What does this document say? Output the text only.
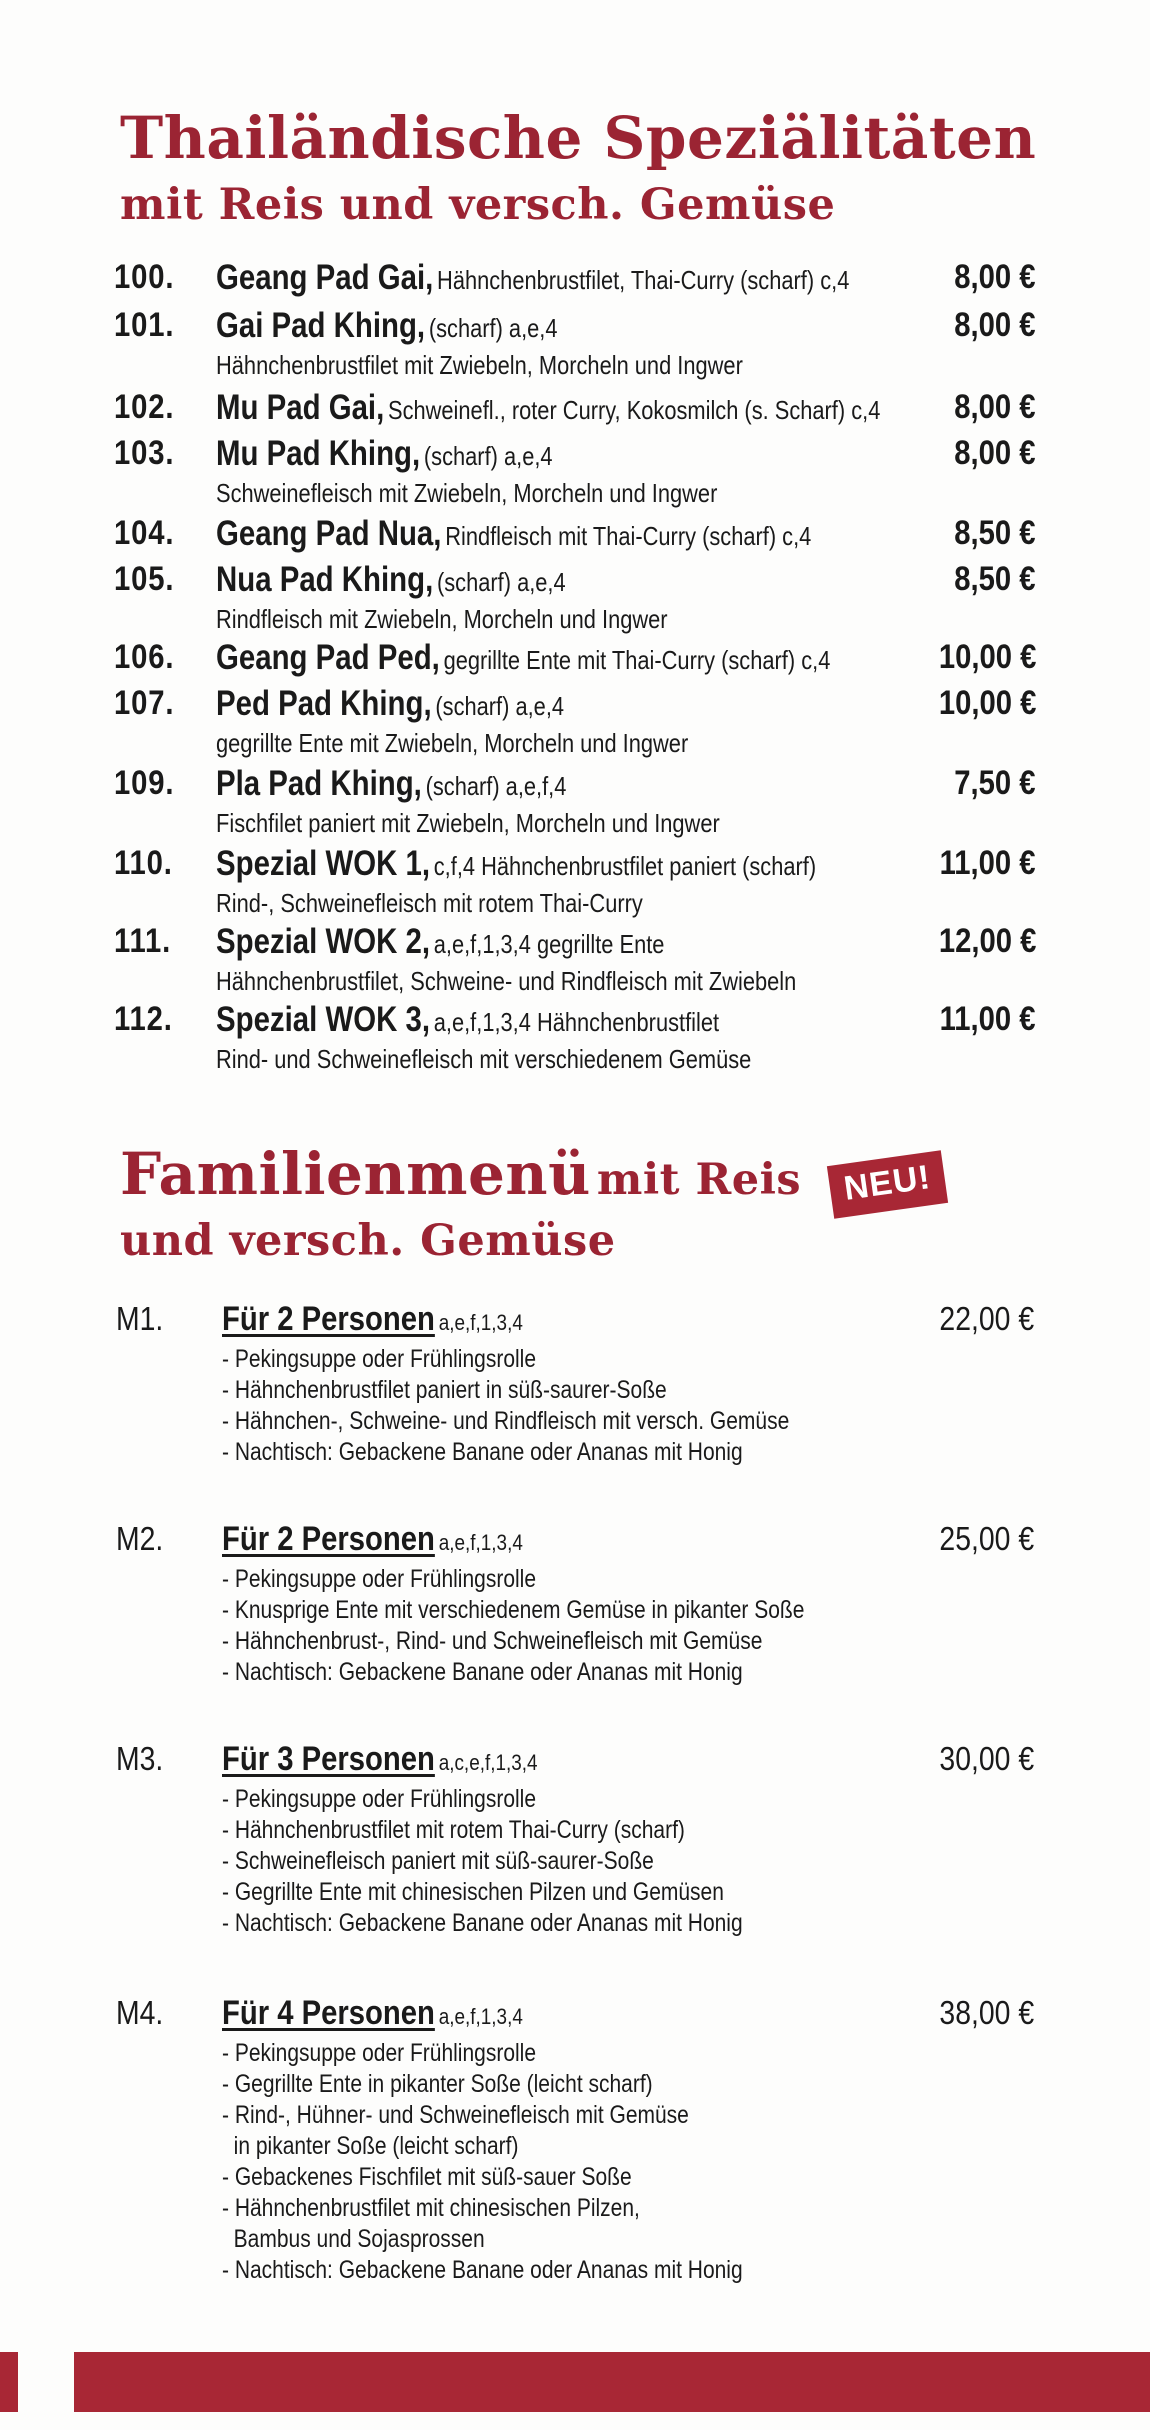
Thailändische Speziälitäten
mit Reis und versch. Gemüse
100. Geang Pad Gai, Hähnchenbrustfilet, Thai-Curry (scharf) c,4	8,00 €
101. Gai Pad Khing, (scharf) a,e,4	8,00 €
Hähnchenbrustfilet mit Zwiebeln, Morcheln und Ingwer
102. Mu Pad Gai, Schweinefl., roter Curry, Kokosmilch (s. Scharf) c,4 8,00 €
103. Mu Pad Khing, (scharf) a,e,4	8,00 €
Schweinefleisch mit Zwiebeln, Morcheln und Ingwer
104. Geang Pad Nua, Rindfleisch mit Thai-Curry (scharf) c,4	8,50 €
105. Nua Pad Khing, (scharf) a,e,4	8,50 €
Rindfleisch mit Zwiebeln, Morcheln und Ingwer
106. Geang Pad Ped, gegrillte Ente mit Thai-Curry (scharf) c,4	10,00 €
107. Ped Pad Khing, (scharf) a,e,4	10,00 €
gegrillte Ente mit Zwiebeln, Morcheln und Ingwer
109. Pla Pad Khing, (scharf) a,e,f,4	7,50 €
Fischfilet paniert mit Zwiebeln, Morcheln und Ingwer
110. Spezial WOK 1, c,f,4 Hähnchenbrustfilet paniert (scharf)	11,00 €
Rind-, Schweinefleisch mit rotem Thai-Curry
111. Spezial WOK 2, a,e,f,1,3,4 gegrillte Ente	12,00 €
Hähnchenbrustfilet, Schweine- und Rindfleisch mit Zwiebeln
112. Spezial WOK 3, a,e,f,1,3,4 Hähnchenbrustfilet	11,00 €
Rind- und Schweinefleisch mit verschiedenem Gemüse
Familienmenü mit Reis
und versch. Gemüse
NEU!
M1. Für 2 Personen a,e,f,1,3,4	22,00 €
- Pekingsuppe oder Frühlingsrolle
- Hähnchenbrustfilet paniert in süß-saurer-Soße
- Hähnchen-, Schweine- und Rindfleisch mit versch. Gemüse
- Nachtisch: Gebackene Banane oder Ananas mit Honig
M2. Für 2 Personen a,e,f,1,3,4	25,00 €
- Pekingsuppe oder Frühlingsrolle
- Knusprige Ente mit verschiedenem Gemüse in pikanter Soße
- Hähnchenbrust-, Rind- und Schweinefleisch mit Gemüse
- Nachtisch: Gebackene Banane oder Ananas mit Honig
M3. Für 3 Personen a,c,e,f,1,3,4	30,00 €
- Pekingsuppe oder Frühlingsrolle
- Hähnchenbrustfilet mit rotem Thai-Curry (scharf)
- Schweinefleisch paniert mit süß-saurer-Soße
- Gegrillte Ente mit chinesischen Pilzen und Gemüsen
- Nachtisch: Gebackene Banane oder Ananas mit Honig
M4. Für 4 Personen a,e,f,1,3,4	38,00 €
- Pekingsuppe oder Frühlingsrolle
- Gegrillte Ente in pikanter Soße (leicht scharf)
- Rind-, Hühner- und Schweinefleisch mit Gemüse
in pikanter Soße (leicht scharf)
- Gebackenes Fischfilet mit süß-sauer Soße
- Hähnchenbrustfilet mit chinesischen Pilzen,
Bambus und Sojasprossen
- Nachtisch: Gebackene Banane oder Ananas mit Honig
